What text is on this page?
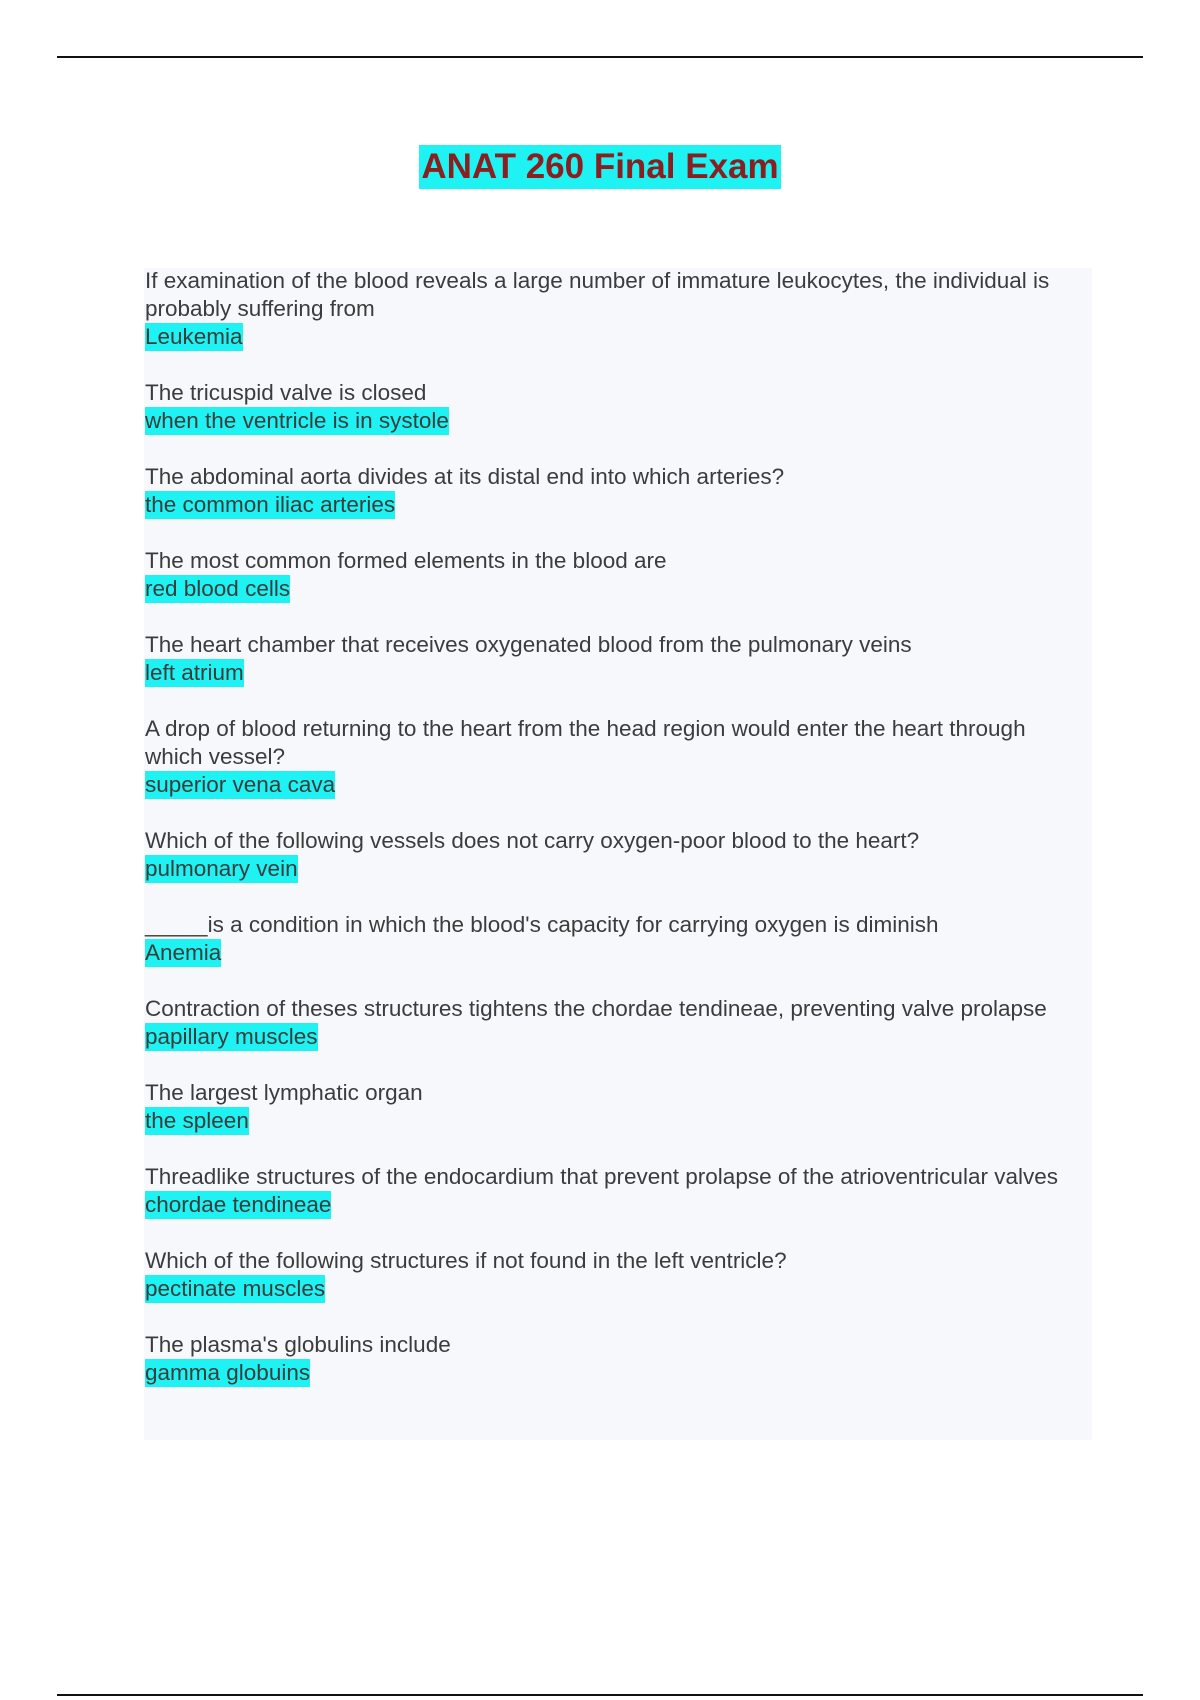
ANAT 260 Final Exam
If examination of the blood reveals a large number of immature leukocytes, the individual is probably suffering from
Leukemia
The tricuspid valve is closed
when the ventricle is in systole
The abdominal aorta divides at its distal end into which arteries?
the common iliac arteries
The most common formed elements in the blood are
red blood cells
The heart chamber that receives oxygenated blood from the pulmonary veins
left atrium
A drop of blood returning to the heart from the head region would enter the heart through which vessel?
superior vena cava
Which of the following vessels does not carry oxygen-poor blood to the heart?
pulmonary vein
_____is a condition in which the blood's capacity for carrying oxygen is diminish
Anemia
Contraction of theses structures tightens the chordae tendineae, preventing valve prolapse
papillary muscles
The largest lymphatic organ
the spleen
Threadlike structures of the endocardium that prevent prolapse of the atrioventricular valves
chordae tendineae
Which of the following structures if not found in the left ventricle?
pectinate muscles
The plasma's globulins include
gamma globuins
